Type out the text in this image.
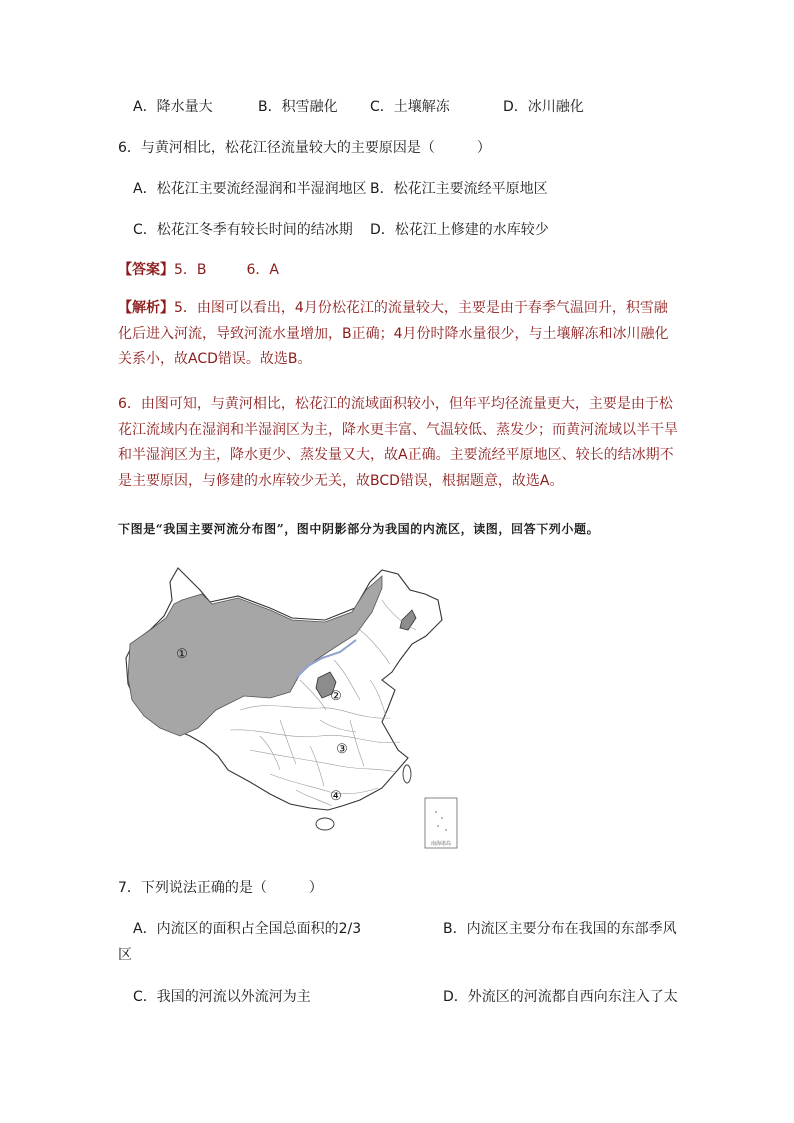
A．降水量大	B．积雪融化 C．土壤解冻	D．冰川融化
6．与黄河相比，松花江径流量较大的主要原因是（　　　）
A．松花江主要流经湿润和半湿润地区 B．松花江主要流经平原地区
C．松花江冬季有较长时间的结冰期 D．松花江上修建的水库较少
【答案】5．B	6．A
【解析】5．由图可以看出，4月份松花江的流量较大，主要是由于春季气温回升，积雪融
化后进入河流，导致河流水量增加，B正确；4月份时降水量很少，与土壤解冻和冰川融化
关系小，故ACD错误。故选B。
6．由图可知，与黄河相比，松花江的流域面积较小，但年平均径流量更大，主要是由于松
花江流域内在湿润和半湿润区为主，降水更丰富、气温较低、蒸发少；而黄河流域以半干旱
和半湿润区为主，降水更少、蒸发量又大，故A正确。主要流经平原地区、较长的结冰期不
是主要原因，与修建的水库较少无关，故BCD错误，根据题意，故选A。
下图是“我国主要河流分布图”，图中阴影部分为我国的内流区，读图，回答下列小题。
南海诸岛
①
②
③
④
7．下列说法正确的是（　　　）
A．内流区的面积占全国总面积的2/3	B．内流区主要分布在我国的东部季风
区
C．我国的河流以外流河为主	D．外流区的河流都自西向东注入了太
